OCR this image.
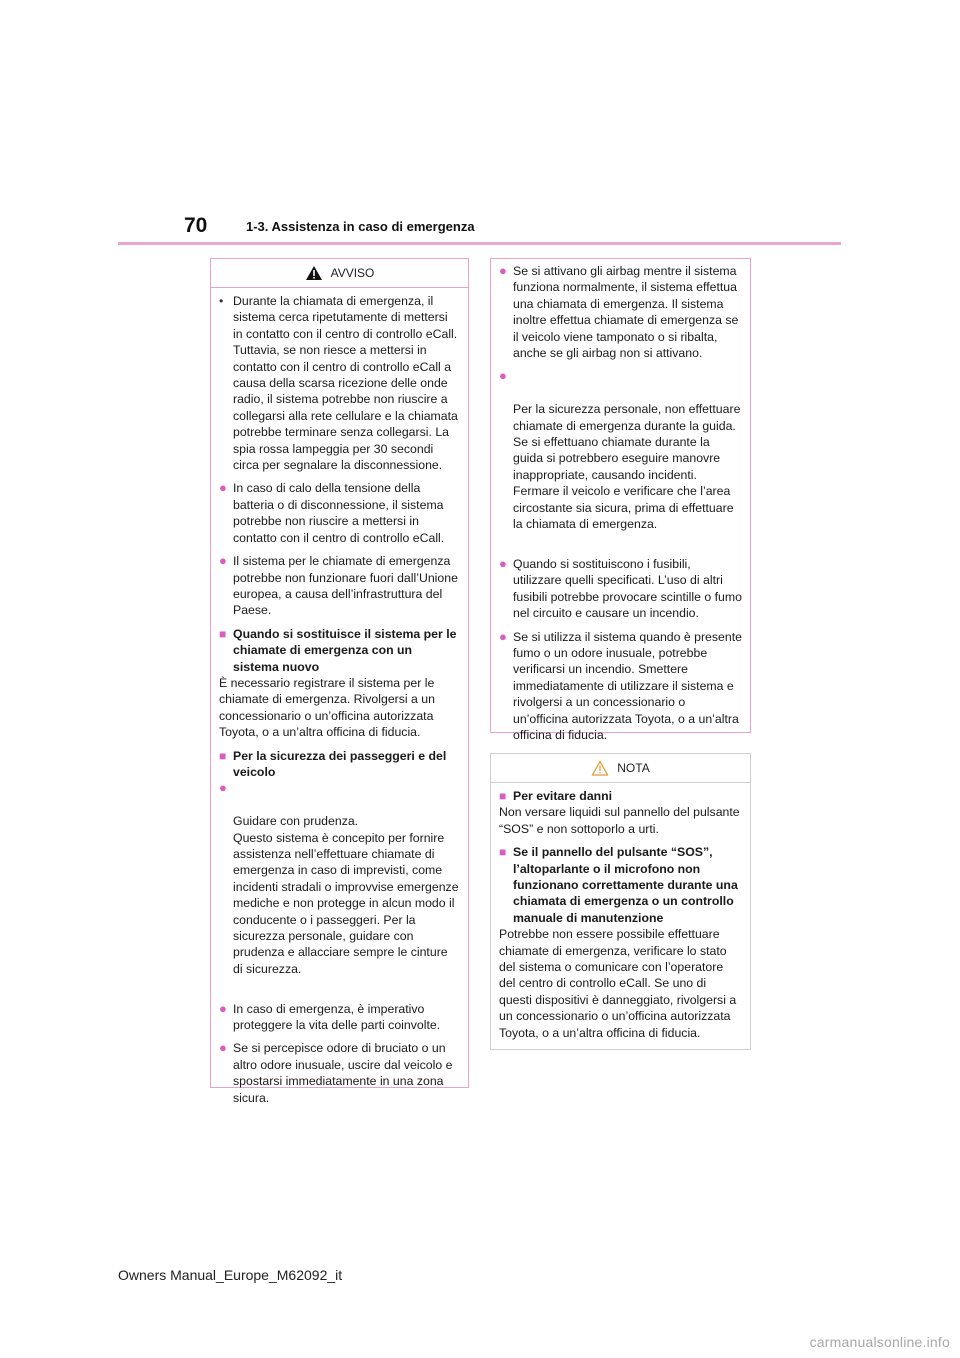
70	1-3. Assistenza in caso di emergenza
AVVISO
• Durante la chiamata di emergenza, il sistema cerca ripetutamente di mettersi in contatto con il centro di controllo eCall. Tuttavia, se non riesce a mettersi in contatto con il centro di controllo eCall a causa della scarsa ricezione delle onde radio, il sistema potrebbe non riuscire a collegarsi alla rete cellulare e la chiamata potrebbe terminare senza collegarsi. La spia rossa lampeggia per 30 secondi circa per segnalare la disconnessione.

● In caso di calo della tensione della batteria o di disconnessione, il sistema potrebbe non riuscire a mettersi in contatto con il centro di controllo eCall.

● Il sistema per le chiamate di emergenza potrebbe non funzionare fuori dall’Unione europea, a causa dell’infrastruttura del Paese.

■ Quando si sostituisce il sistema per le chiamate di emergenza con un sistema nuovo

È necessario registrare il sistema per le chiamate di emergenza. Rivolgersi a un concessionario o un’officina autorizzata Toyota, o a un’altra officina di fiducia.

■ Per la sicurezza dei passeggeri e del veicolo

●

Guidare con prudenza.
Questo sistema è concepito per fornire assistenza nell’effettuare chiamate di emergenza in caso di imprevisti, come incidenti stradali o improvvise emergenze mediche e non protegge in alcun modo il conducente o i passeggeri. Per la sicurezza personale, guidare con prudenza e allacciare sempre le cinture di sicurezza.

● In caso di emergenza, è imperativo proteggere la vita delle parti coinvolte.

● Se si percepisce odore di bruciato o un altro odore inusuale, uscire dal veicolo e spostarsi immediatamente in una zona sicura.

● Se si attivano gli airbag mentre il sistema funziona normalmente, il sistema effettua una chiamata di emergenza. Il sistema inoltre effettua chiamate di emergenza se il veicolo viene tamponato o si ribalta, anche se gli airbag non si attivano.

●

Per la sicurezza personale, non effettuare chiamate di emergenza durante la guida.
Se si effettuano chiamate durante la guida si potrebbero eseguire manovre inappropriate, causando incidenti. Fermare il veicolo e verificare che l’area circostante sia sicura, prima di effettuare la chiamata di emergenza.

● Quando si sostituiscono i fusibili, utilizzare quelli specificati. L’uso di altri fusibili potrebbe provocare scintille o fumo nel circuito e causare un incendio.

● Se si utilizza il sistema quando è presente fumo o un odore inusuale, potrebbe verificarsi un incendio. Smettere immediatamente di utilizzare il sistema e rivolgersi a un concessionario o un’officina autorizzata Toyota, o a un’altra officina di fiducia.

NOTA
■ Per evitare danni

Non versare liquidi sul pannello del pulsante “SOS” e non sottoporlo a urti.

■ Se il pannello del pulsante “SOS”, l’altoparlante o il microfono non funzionano correttamente durante una chiamata di emergenza o un controllo manuale di manutenzione

Potrebbe non essere possibile effettuare chiamate di emergenza, verificare lo stato del sistema o comunicare con l’operatore del centro di controllo eCall. Se uno di questi dispositivi è danneggiato, rivolgersi a un concessionario o un’officina autorizzata Toyota, o a un’altra officina di fiducia.

Owners Manual_Europe_M62092_it
carmanualsonline.info
